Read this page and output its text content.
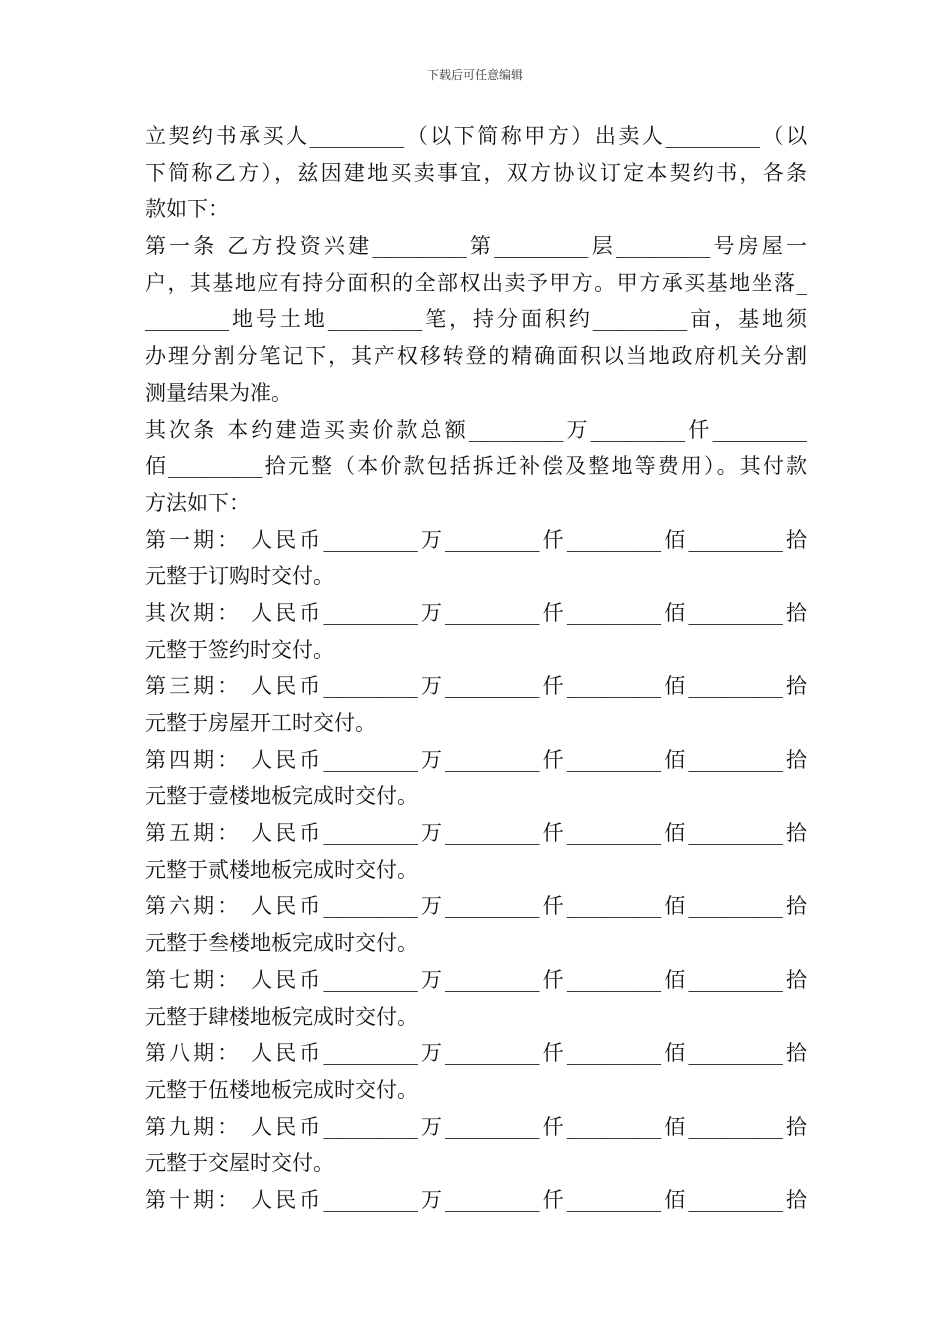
下载后可任意编辑
立契约书承买人_________（以下简称甲方）出卖人_________（以
下简称乙方），兹因建地买卖事宜，双方协议订定本契约书，各条
款如下：
第一条 乙方投资兴建_________第_________层_________号房屋一
户，其基地应有持分面积的全部权出卖予甲方。甲方承买基地坐落_
________地号土地_________笔，持分面积约_________亩，基地须
办理分割分笔记下，其产权移转登的精确面积以当地政府机关分割
测量结果为准。
其次条 本约建造买卖价款总额_________万_________仟_________
佰_________拾元整（本价款包括拆迁补偿及整地等费用）。其付款
方法如下：
第一期： 人民币_________万_________仟_________佰_________拾
元整于订购时交付。
其次期： 人民币_________万_________仟_________佰_________拾
元整于签约时交付。
第三期： 人民币_________万_________仟_________佰_________拾
元整于房屋开工时交付。
第四期： 人民币_________万_________仟_________佰_________拾
元整于壹楼地板完成时交付。
第五期： 人民币_________万_________仟_________佰_________拾
元整于贰楼地板完成时交付。
第六期： 人民币_________万_________仟_________佰_________拾
元整于叁楼地板完成时交付。
第七期： 人民币_________万_________仟_________佰_________拾
元整于肆楼地板完成时交付。
第八期： 人民币_________万_________仟_________佰_________拾
元整于伍楼地板完成时交付。
第九期： 人民币_________万_________仟_________佰_________拾
元整于交屋时交付。
第十期： 人民币_________万_________仟_________佰_________拾
